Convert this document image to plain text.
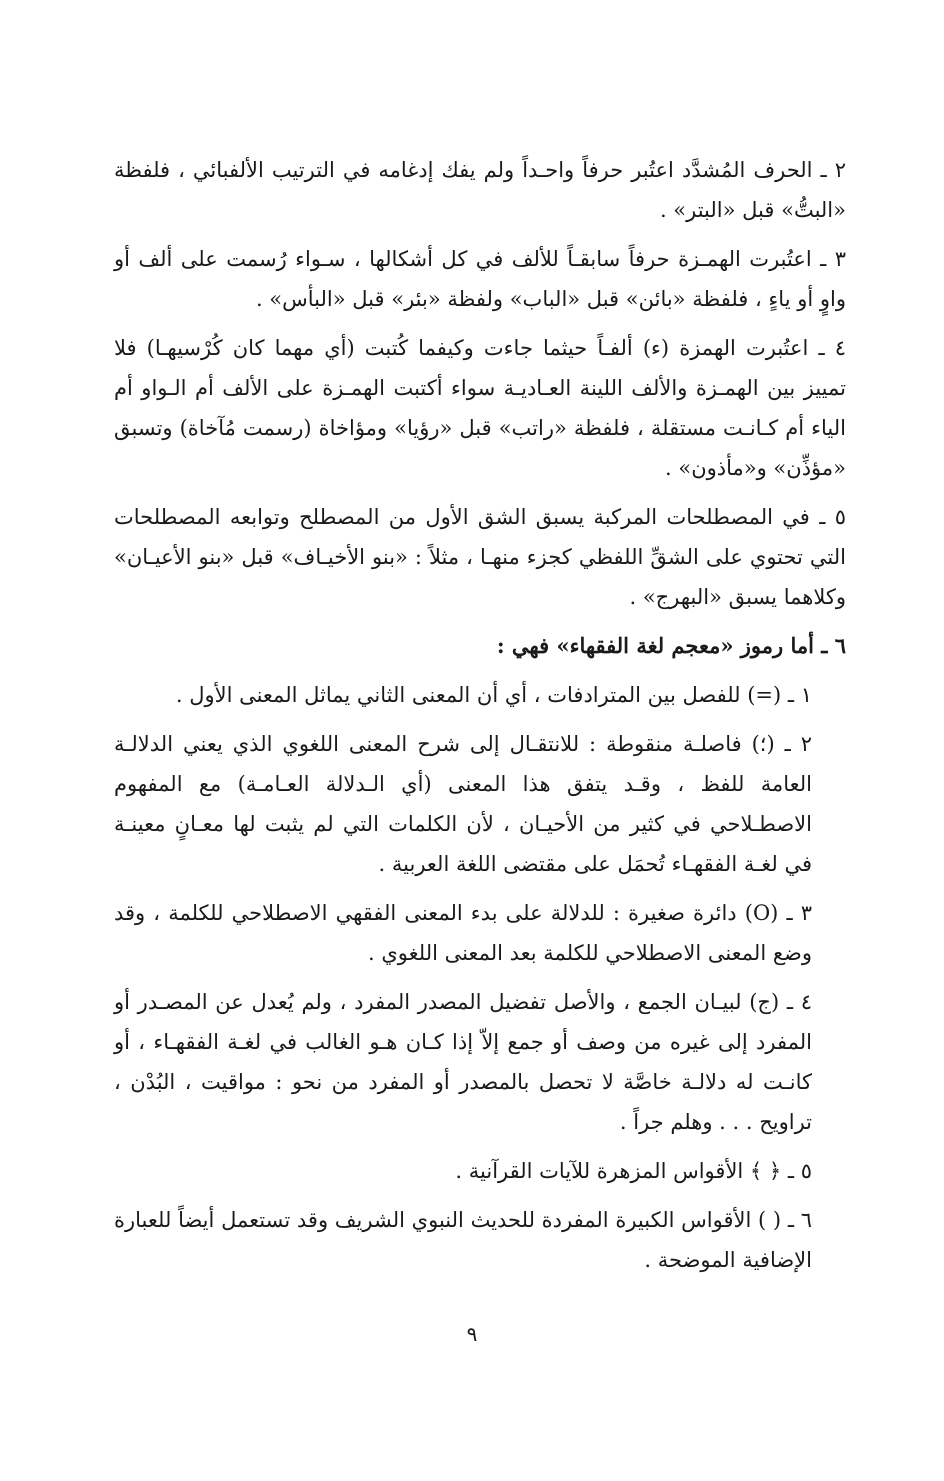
٢ ـ الحرف المُشدَّد اعتُبر حرفاً واحـداً ولم يفك إدغامه في الترتيب الألفبائي ، فلفظة «البتُّ» قبل «البتر» .

٣ ـ اعتُبرت الهمـزة حرفاً سابقـاً للألف في كل أشكالها ، سـواء رُسمت على ألف أو واوٍ أو ياءٍ ، فلفظة «بائن» قبل «الباب» ولفظة «بئر» قبل «البأس» .

٤ ـ اعتُبرت الهمزة (ء) ألفـاً حيثما جاءت وكيفما كُتبت (أي مهما كان كُرْسيهـا) فلا تمييز بين الهمـزة والألف اللينة العـاديـة سواء أكتبت الهمـزة على الألف أم الـواو أم الياء أم كـانـت مستقلة ، فلفظة «راتب» قبل «رؤيا» ومؤاخاة (رسمت مُآخاة) وتسبق «مؤذِّن» و«مأذون» .

٥ ـ في المصطلحات المركبة يسبق الشق الأول من المصطلح وتوابعه المصطلحات التي تحتوي على الشقِّ اللفظي كجزء منهـا ، مثلاً : «بنو الأخيـاف» قبل «بنو الأعيـان» وكلاهما يسبق «البهرج» .

٦ ـ أما رموز «معجم لغة الفقهاء» فهي :

١ ـ (=) للفصل بين المترادفات ، أي أن المعنى الثاني يماثل المعنى الأول .

٢ ـ (؛) فاصلـة منقوطة : للانتقـال إلى شرح المعنى اللغوي الذي يعني الدلالـة العامة للفظ ، وقـد يتفق هذا المعنى (أي الـدلالة العـامـة) مع المفهوم الاصطـلاحي في كثير من الأحيـان ، لأن الكلمات التي لم يثبت لها معـانٍ معينـة في لغـة الفقهـاء تُحمَل على مقتضى اللغة العربية .

٣ ـ (O) دائرة صغيرة : للدلالة على بدء المعنى الفقهي الاصطلاحي للكلمة ، وقد وضع المعنى الاصطلاحي للكلمة بعد المعنى اللغوي .

٤ ـ (ج) لبيـان الجمع ، والأصل تفضيل المصدر المفرد ، ولم يُعدل عن المصـدر أو المفرد إلى غيره من وصف أو جمع إلاّ إذا كـان هـو الغالب في لغـة الفقهـاء ، أو كانـت له دلالـة خاصَّة لا تحصل بالمصدر أو المفرد من نحو : مواقيت ، البُدْن ، تراويح . . . وهلم جراً .

٥ ـ ﴿ ﴾ الأقواس المزهرة للآيات القرآنية .

٦ ـ ( ) الأقواس الكبيرة المفردة للحديث النبوي الشريف وقد تستعمل أيضاً للعبارة الإضافية الموضحة .

٩
